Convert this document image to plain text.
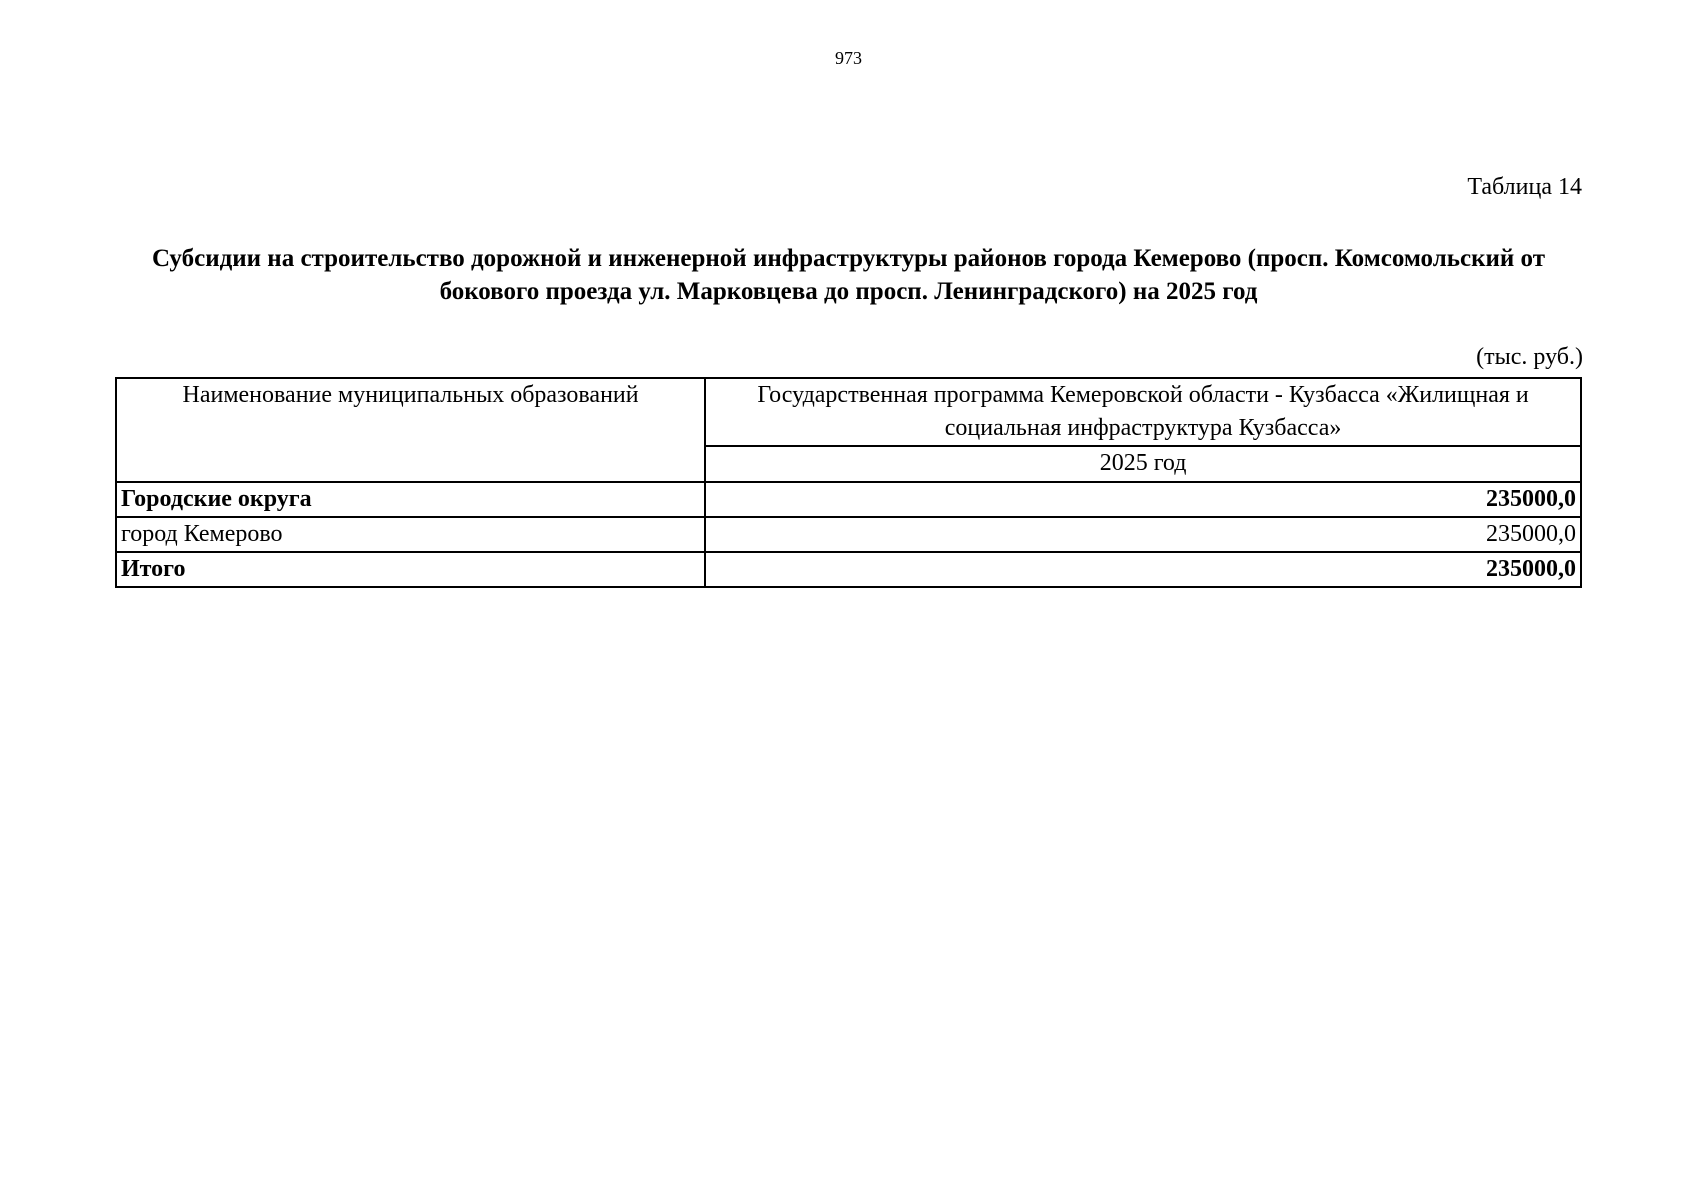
973
Таблица 14
Субсидии на строительство дорожной и инженерной инфраструктуры районов города Кемерово (просп. Комсомольский от бокового проезда ул. Марковцева до просп. Ленинградского) на 2025 год
(тыс. руб.)
Наименование муниципальных образований	Государственная программа Кемеровской области - Кузбасса «Жилищная и социальная инфраструктура Кузбасса»
	2025 год
Городские округа	235000,0
город Кемерово	235000,0
Итого	235000,0
